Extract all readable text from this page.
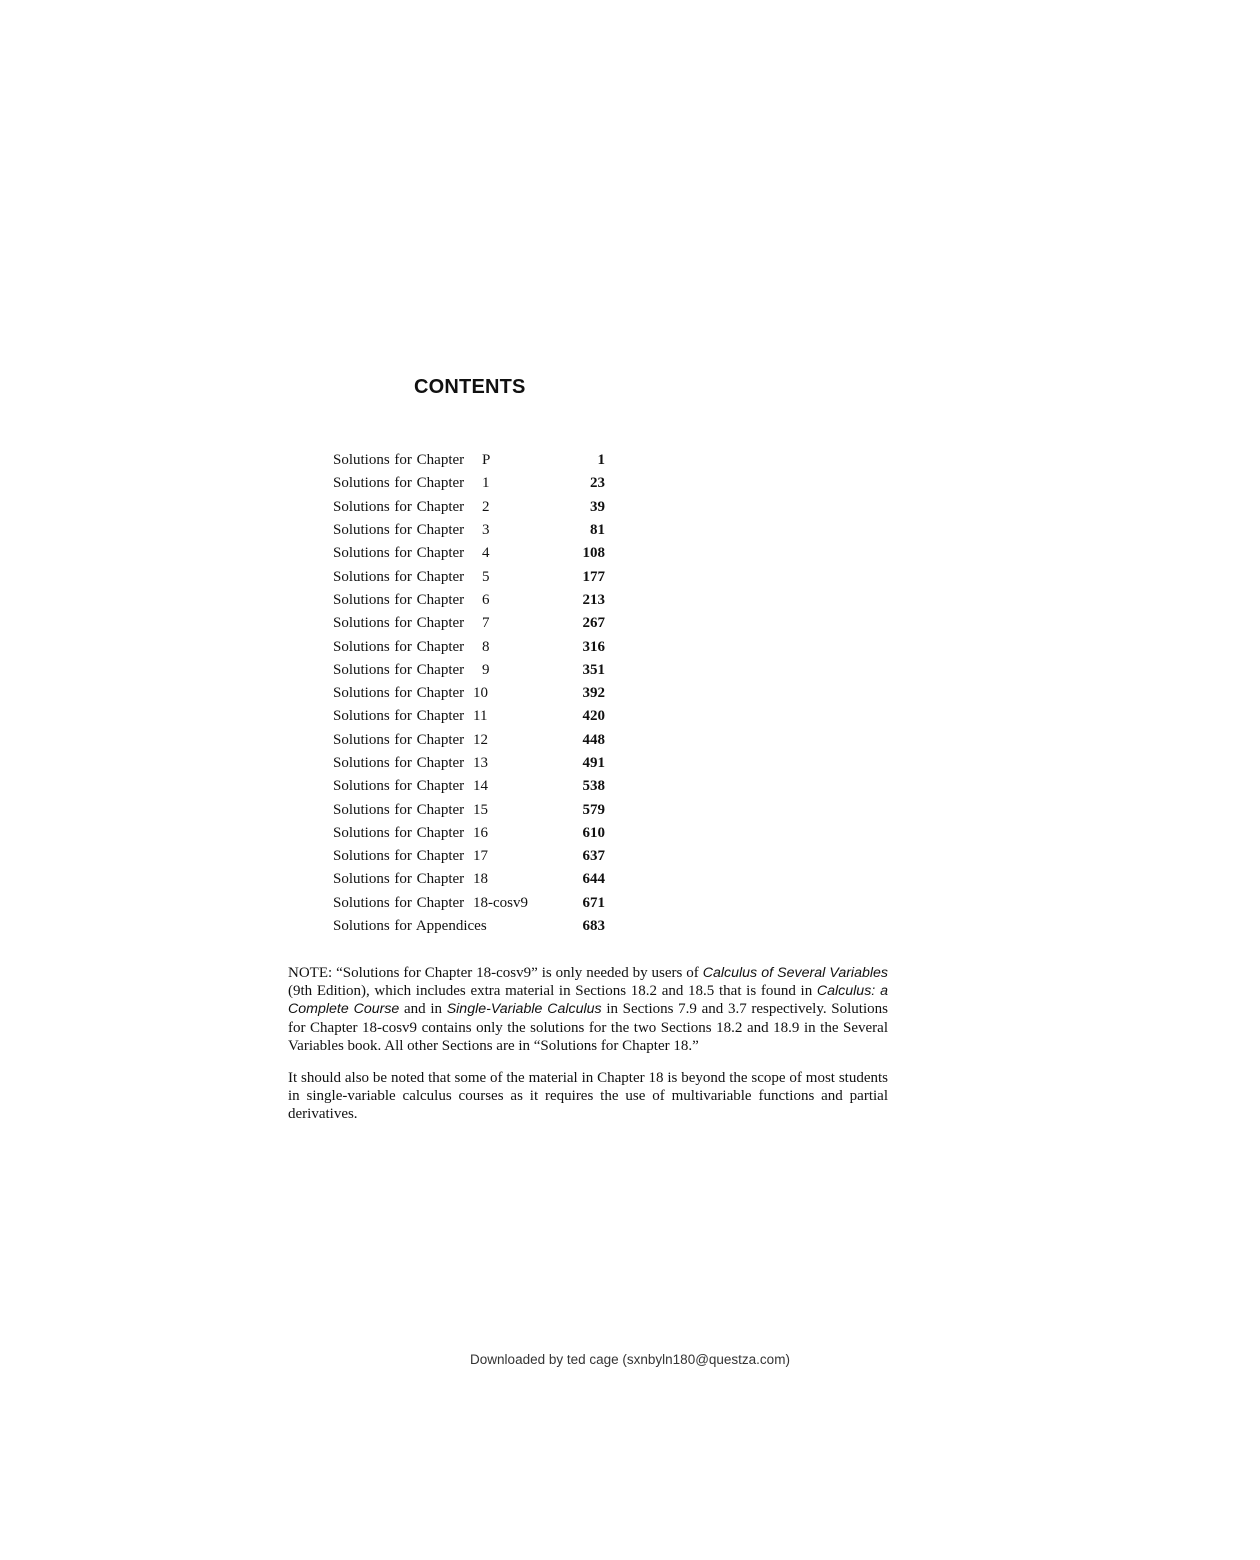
CONTENTS
Solutions for Chapter	P	1
Solutions for Chapter	1	23
Solutions for Chapter	2	39
Solutions for Chapter	3	81
Solutions for Chapter	4	108
Solutions for Chapter	5	177
Solutions for Chapter	6	213
Solutions for Chapter	7	267
Solutions for Chapter	8	316
Solutions for Chapter	9	351
Solutions for Chapter 10	392
Solutions for Chapter 11	420
Solutions for Chapter 12	448
Solutions for Chapter 13	491
Solutions for Chapter 14	538
Solutions for Chapter 15	579
Solutions for Chapter 16	610
Solutions for Chapter 17	637
Solutions for Chapter 18	644
Solutions for Chapter 18-cosv9	671
Solutions for Appendices	683

NOTE: “Solutions for Chapter 18-cosv9” is only needed by users of Calculus of Several Variables (9th Edition), which includes extra material in Sections 18.2 and 18.5 that is found in Calculus: a Complete Course and in Single-Variable Calculus in Sections 7.9 and 3.7 respectively. Solutions for Chapter 18-cosv9 contains only the solutions for the two Sections 18.2 and 18.9 in the Several Variables book. All other Sections are in “Solutions for Chapter 18.”

It should also be noted that some of the material in Chapter 18 is beyond the scope of most students in single-variable calculus courses as it requires the use of multivariable functions and partial derivatives.

Downloaded by ted cage (sxnbyln180@questza.com)
